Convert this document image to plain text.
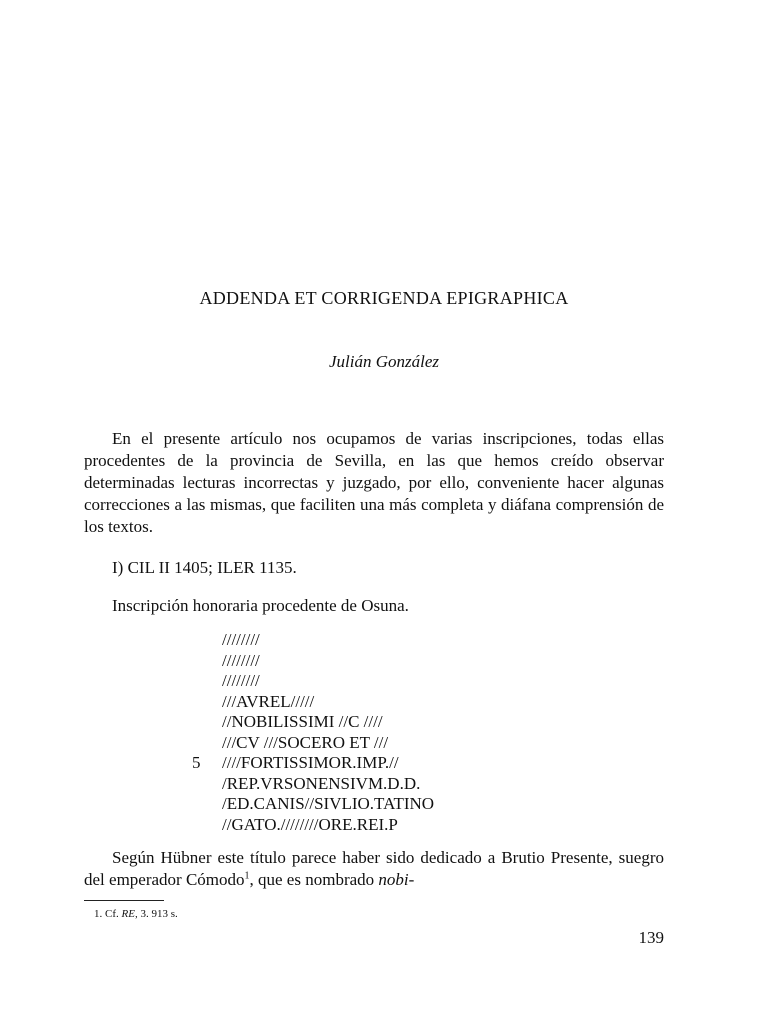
ADDENDA ET CORRIGENDA EPIGRAPHICA

Julián González

En el presente artículo nos ocupamos de varias inscripciones, todas ellas procedentes de la provincia de Sevilla, en las que hemos creído observar determinadas lecturas incorrectas y juzgado, por ello, conveniente hacer algunas correcciones a las mismas, que faciliten una más completa y diáfana comprensión de los textos.

I) CIL II 1405; ILER 1135.

Inscripción honoraria procedente de Osuna.

////////
////////
////////
///AVREL/////
//NOBILISSIMI //C ////
///CV ///SOCERO ET ///
5 ////FORTISSIMOR.IMP.//
/REP.VRSONENSIVM.D.D.
/ED.CANIS//SIVLIO.TATINO
//GATO.////////ORE.REI.P

Según Hübner este título parece haber sido dedicado a Brutio Presente, suegro del emperador Cómodo$^1$, que es nombrado nobi-

1. Cf. RE, 3. 913 s.

139
